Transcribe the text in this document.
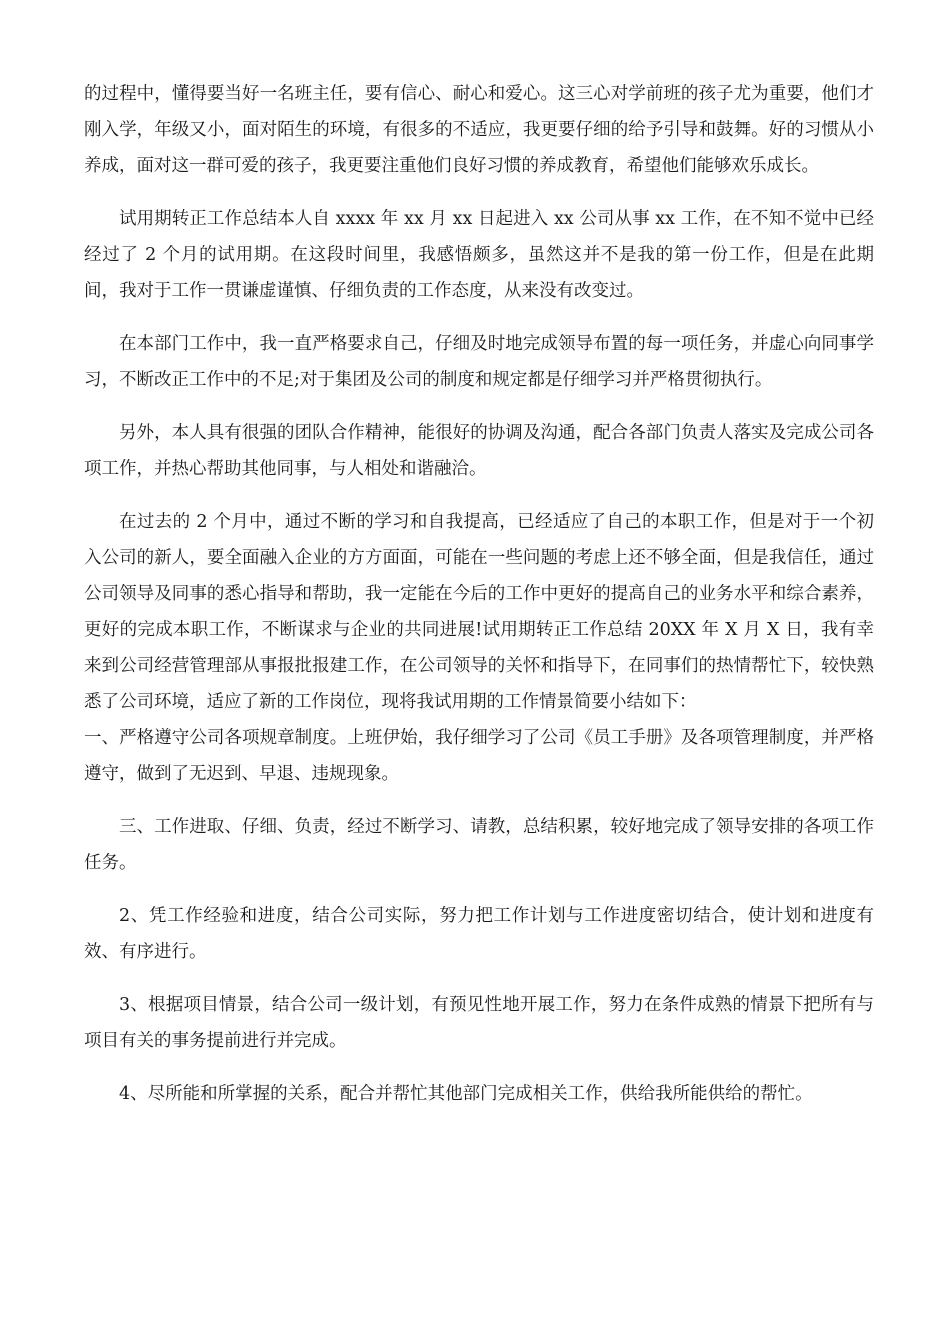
的过程中，懂得要当好一名班主任，要有信心、耐心和爱心。这三心对学前班的孩子尤为重要，他们才刚入学，年级又小，面对陌生的环境，有很多的不适应，我更要仔细的给予引导和鼓舞。好的习惯从小养成，面对这一群可爱的孩子，我更要注重他们良好习惯的养成教育，希望他们能够欢乐成长。

试用期转正工作总结本人自 xxxx 年 xx 月 xx 日起进入 xx 公司从事 xx 工作，在不知不觉中已经经过了 2 个月的试用期。在这段时间里，我感悟颇多，虽然这并不是我的第一份工作，但是在此期间，我对于工作一贯谦虚谨慎、仔细负责的工作态度，从来没有改变过。

在本部门工作中，我一直严格要求自己，仔细及时地完成领导布置的每一项任务，并虚心向同事学习，不断改正工作中的不足;对于集团及公司的制度和规定都是仔细学习并严格贯彻执行。

另外，本人具有很强的团队合作精神，能很好的协调及沟通，配合各部门负责人落实及完成公司各项工作，并热心帮助其他同事，与人相处和谐融洽。

在过去的 2 个月中，通过不断的学习和自我提高，已经适应了自己的本职工作，但是对于一个初入公司的新人，要全面融入企业的方方面面，可能在一些问题的考虑上还不够全面，但是我信任，通过公司领导及同事的悉心指导和帮助，我一定能在今后的工作中更好的提高自己的业务水平和综合素养，更好的完成本职工作，不断谋求与企业的共同进展!试用期转正工作总结 20XX 年 X 月 X 日，我有幸来到公司经营管理部从事报批报建工作，在公司领导的关怀和指导下，在同事们的热情帮忙下，较快熟悉了公司环境，适应了新的工作岗位，现将我试用期的工作情景简要小结如下：

一、严格遵守公司各项规章制度。上班伊始，我仔细学习了公司《员工手册》及各项管理制度，并严格遵守，做到了无迟到、早退、违规现象。

三、工作进取、仔细、负责，经过不断学习、请教，总结积累，较好地完成了领导安排的各项工作任务。

2、凭工作经验和进度，结合公司实际，努力把工作计划与工作进度密切结合，使计划和进度有效、有序进行。

3、根据项目情景，结合公司一级计划，有预见性地开展工作，努力在条件成熟的情景下把所有与项目有关的事务提前进行并完成。

4、尽所能和所掌握的关系，配合并帮忙其他部门完成相关工作，供给我所能供给的帮忙。
